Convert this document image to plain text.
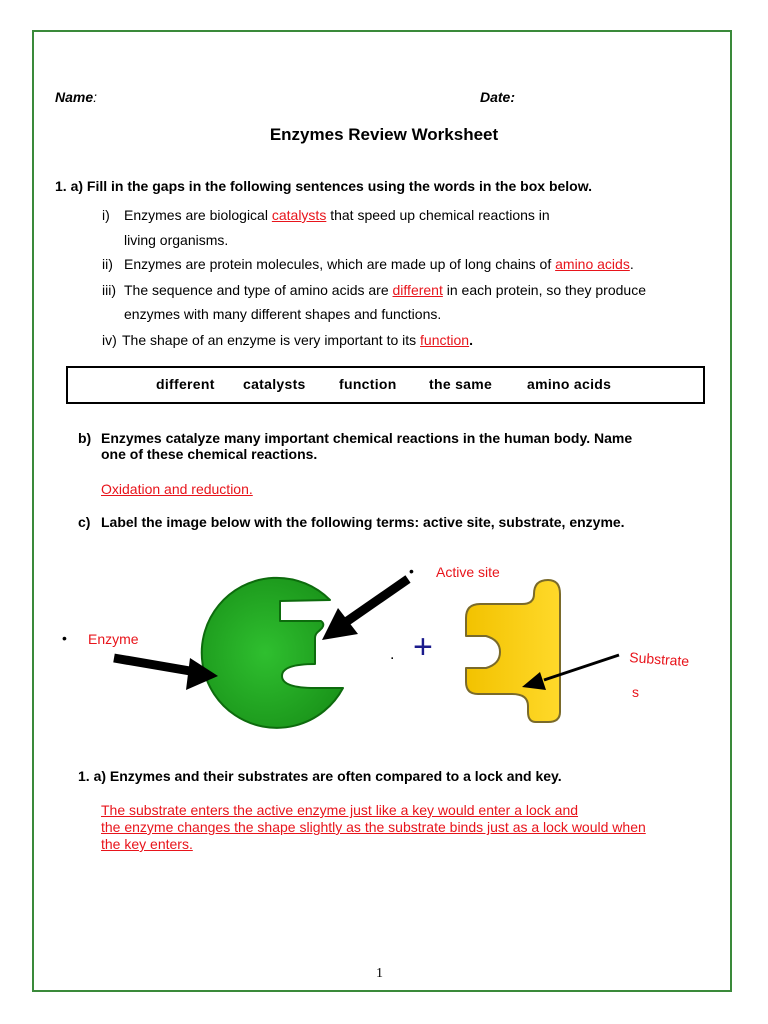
Name:	Date:
Enzymes Review Worksheet
1. a) Fill in the gaps in the following sentences using the words in the box below.
i) Enzymes are biological catalysts that speed up chemical reactions in
living organisms.
ii) Enzymes are protein molecules, which are made up of long chains of amino acids.
iii) The sequence and type of amino acids are different in each protein, so they produce
enzymes with many different shapes and functions.
iv) The shape of an enzyme is very important to its function.
different catalysts function the same amino acids
b) Enzymes catalyze many important chemical reactions in the human body. Name
one of these chemical reactions.
Oxidation and reduction.
c) Label the image below with the following terms: active site, substrate, enzyme.
+
.
• Active site
• Enzyme
Substrate
s
1. a) Enzymes and their substrates are often compared to a lock and key.
The substrate enters the active enzyme just like a key would enter a lock and
the enzyme changes the shape slightly as the substrate binds just as a lock would when
the key enters.
1
